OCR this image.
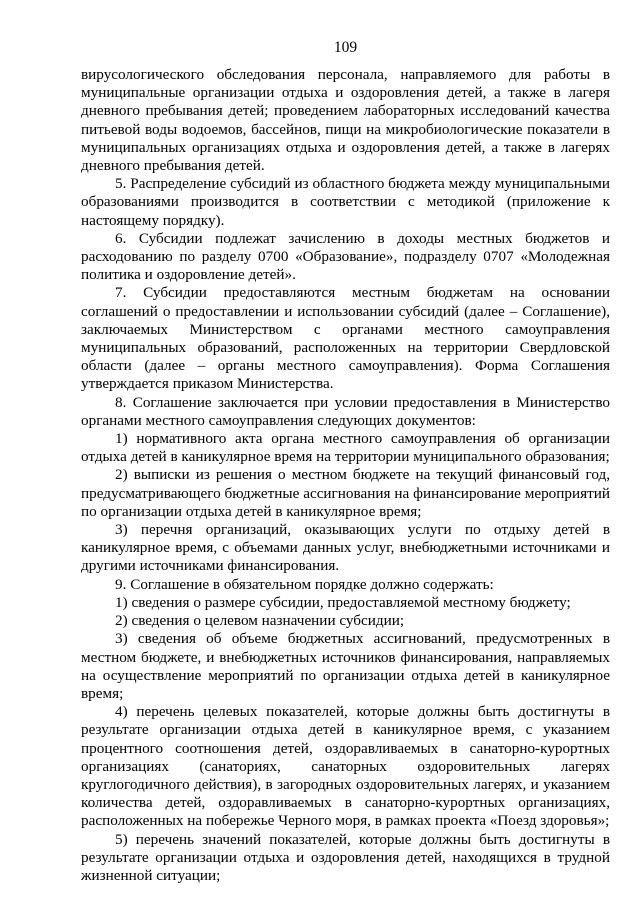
109

вирусологического обследования персонала, направляемого для работы в муниципальные организации отдыха и оздоровления детей, а также в лагеря дневного пребывания детей; проведением лабораторных исследований качества питьевой воды водоемов, бассейнов, пищи на микробиологические показатели в муниципальных организациях отдыха и оздоровления детей, а также в лагерях дневного пребывания детей.

5. Распределение субсидий из областного бюджета между муниципальными образованиями производится в соответствии с методикой (приложение к настоящему порядку).

6. Субсидии подлежат зачислению в доходы местных бюджетов и расходованию по разделу 0700 «Образование», подразделу 0707 «Молодежная политика и оздоровление детей».

7. Субсидии предоставляются местным бюджетам на основании соглашений о предоставлении и использовании субсидий (далее – Соглашение), заключаемых Министерством с органами местного самоуправления муниципальных образований, расположенных на территории Свердловской области (далее – органы местного самоуправления). Форма Соглашения утверждается приказом Министерства.

8. Соглашение заключается при условии предоставления в Министерство органами местного самоуправления следующих документов:

1) нормативного акта органа местного самоуправления об организации отдыха детей в каникулярное время на территории муниципального образования;

2) выписки из решения о местном бюджете на текущий финансовый год, предусматривающего бюджетные ассигнования на финансирование мероприятий по организации отдыха детей в каникулярное время;

3) перечня организаций, оказывающих услуги по отдыху детей в каникулярное время, с объемами данных услуг, внебюджетными источниками и другими источниками финансирования.

9. Соглашение в обязательном порядке должно содержать:

1) сведения о размере субсидии, предоставляемой местному бюджету;

2) сведения о целевом назначении субсидии;

3) сведения об объеме бюджетных ассигнований, предусмотренных в местном бюджете, и внебюджетных источников финансирования, направляемых на осуществление мероприятий по организации отдыха детей в каникулярное время;

4) перечень целевых показателей, которые должны быть достигнуты в результате организации отдыха детей в каникулярное время, с указанием процентного соотношения детей, оздоравливаемых в санаторно-курортных организациях (санаториях, санаторных оздоровительных лагерях круглогодичного действия), в загородных оздоровительных лагерях, и указанием количества детей, оздоравливаемых в санаторно-курортных организациях, расположенных на побережье Черного моря, в рамках проекта «Поезд здоровья»;

5) перечень значений показателей, которые должны быть достигнуты в результате организации отдыха и оздоровления детей, находящихся в трудной жизненной ситуации;
